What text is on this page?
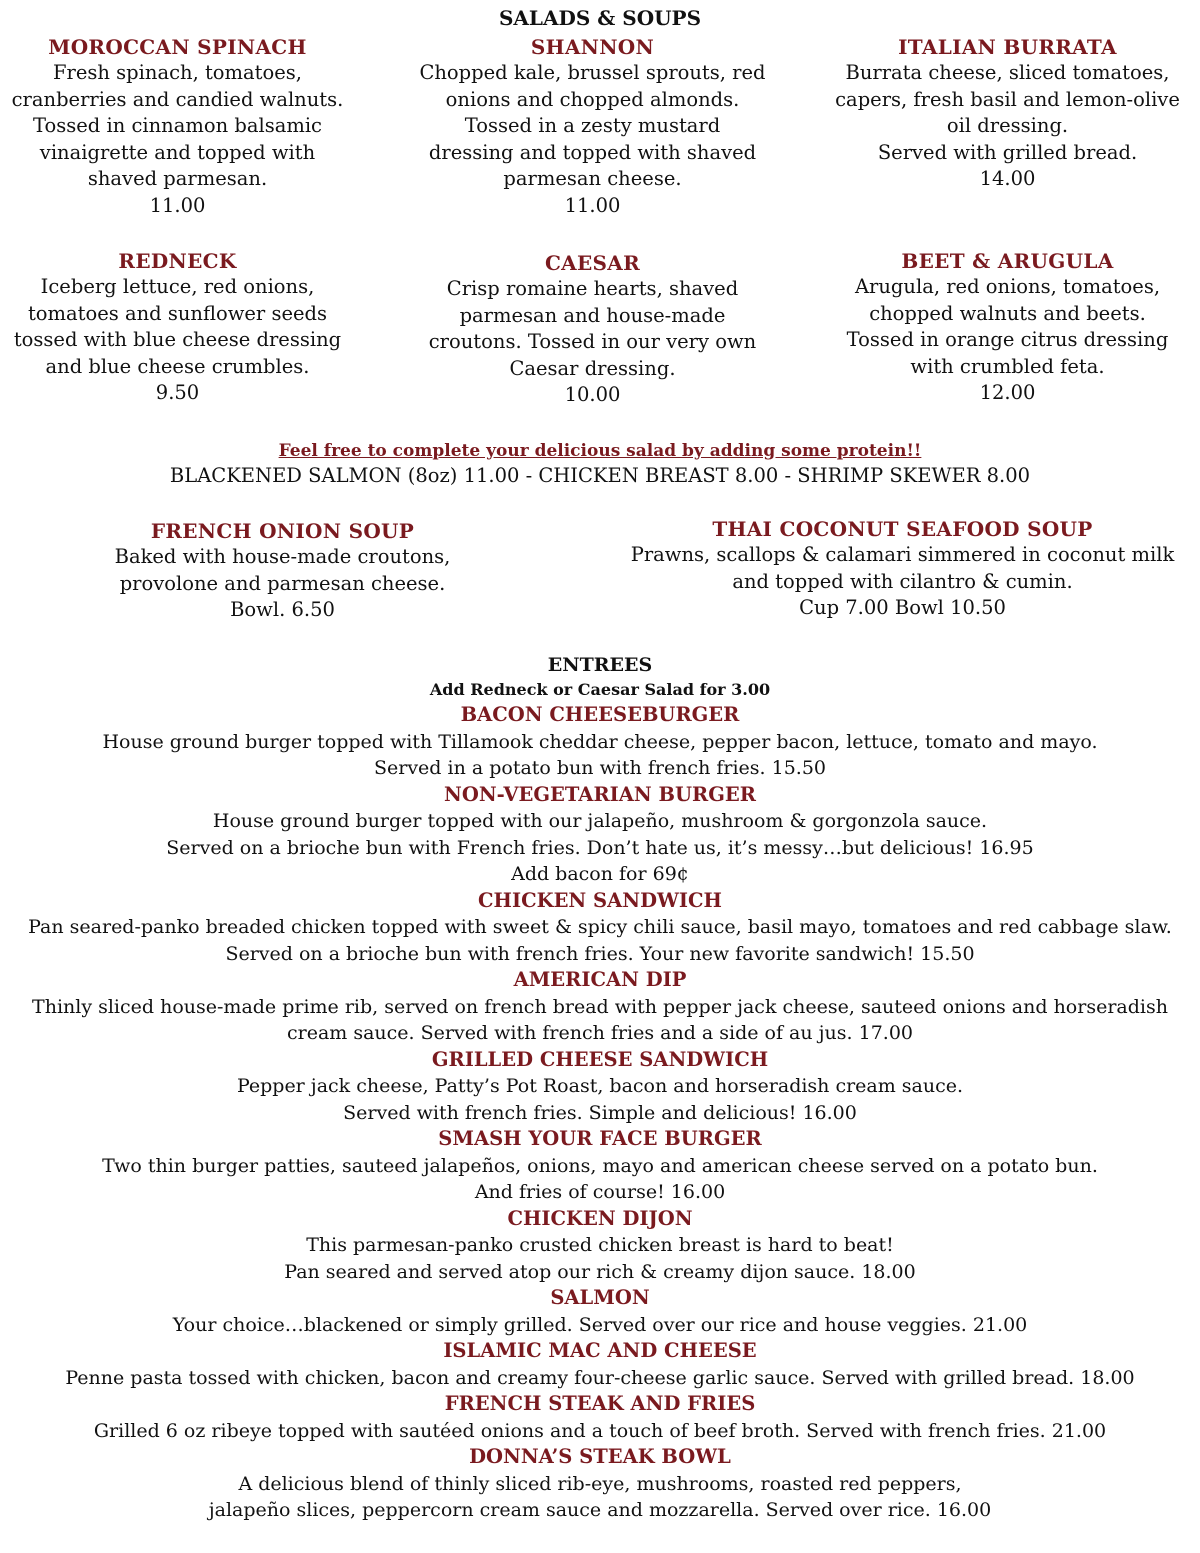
SALADS & SOUPS
MOROCCAN SPINACH
Fresh spinach, tomatoes,
cranberries and candied walnuts.
Tossed in cinnamon balsamic
vinaigrette and topped with
shaved parmesan.
11.00
SHANNON
Chopped kale, brussel sprouts, red
onions and chopped almonds.
Tossed in a zesty mustard
dressing and topped with shaved
parmesan cheese.
11.00
ITALIAN BURRATA
Burrata cheese, sliced tomatoes,
capers, fresh basil and lemon-olive
oil dressing.
Served with grilled bread.
14.00
REDNECK
Iceberg lettuce, red onions,
tomatoes and sunflower seeds
tossed with blue cheese dressing
and blue cheese crumbles.
9.50
CAESAR
Crisp romaine hearts, shaved
parmesan and house-made
croutons. Tossed in our very own
Caesar dressing.
10.00
BEET & ARUGULA
Arugula, red onions, tomatoes,
chopped walnuts and beets.
Tossed in orange citrus dressing
with crumbled feta.
12.00
Feel free to complete your delicious salad by adding some protein!!
BLACKENED SALMON (8oz) 11.00 - CHICKEN BREAST 8.00 - SHRIMP SKEWER 8.00
FRENCH ONION SOUP
Baked with house-made croutons,
provolone and parmesan cheese.
Bowl. 6.50
THAI COCONUT SEAFOOD SOUP
Prawns, scallops & calamari simmered in coconut milk
and topped with cilantro & cumin.
Cup 7.00 Bowl 10.50
ENTREES
Add Redneck or Caesar Salad for 3.00
BACON CHEESEBURGER
House ground burger topped with Tillamook cheddar cheese, pepper bacon, lettuce, tomato and mayo.
Served in a potato bun with french fries. 15.50
NON-VEGETARIAN BURGER
House ground burger topped with our jalapeño, mushroom & gorgonzola sauce.
Served on a brioche bun with French fries. Don’t hate us, it’s messy…but delicious! 16.95
Add bacon for 69¢
CHICKEN SANDWICH
Pan seared-panko breaded chicken topped with sweet & spicy chili sauce, basil mayo, tomatoes and red cabbage slaw.
Served on a brioche bun with french fries. Your new favorite sandwich! 15.50
AMERICAN DIP
Thinly sliced house-made prime rib, served on french bread with pepper jack cheese, sauteed onions and horseradish
cream sauce. Served with french fries and a side of au jus. 17.00
GRILLED CHEESE SANDWICH
Pepper jack cheese, Patty’s Pot Roast, bacon and horseradish cream sauce.
Served with french fries. Simple and delicious! 16.00
SMASH YOUR FACE BURGER
Two thin burger patties, sauteed jalapeños, onions, mayo and american cheese served on a potato bun.
And fries of course! 16.00
CHICKEN DIJON
This parmesan-panko crusted chicken breast is hard to beat!
Pan seared and served atop our rich & creamy dijon sauce. 18.00
SALMON
Your choice…blackened or simply grilled. Served over our rice and house veggies. 21.00
ISLAMIC MAC AND CHEESE
Penne pasta tossed with chicken, bacon and creamy four-cheese garlic sauce. Served with grilled bread. 18.00
FRENCH STEAK AND FRIES
Grilled 6 oz ribeye topped with sautéed onions and a touch of beef broth. Served with french fries. 21.00
DONNA’S STEAK BOWL
A delicious blend of thinly sliced rib-eye, mushrooms, roasted red peppers,
jalapeño slices, peppercorn cream sauce and mozzarella. Served over rice. 16.00
